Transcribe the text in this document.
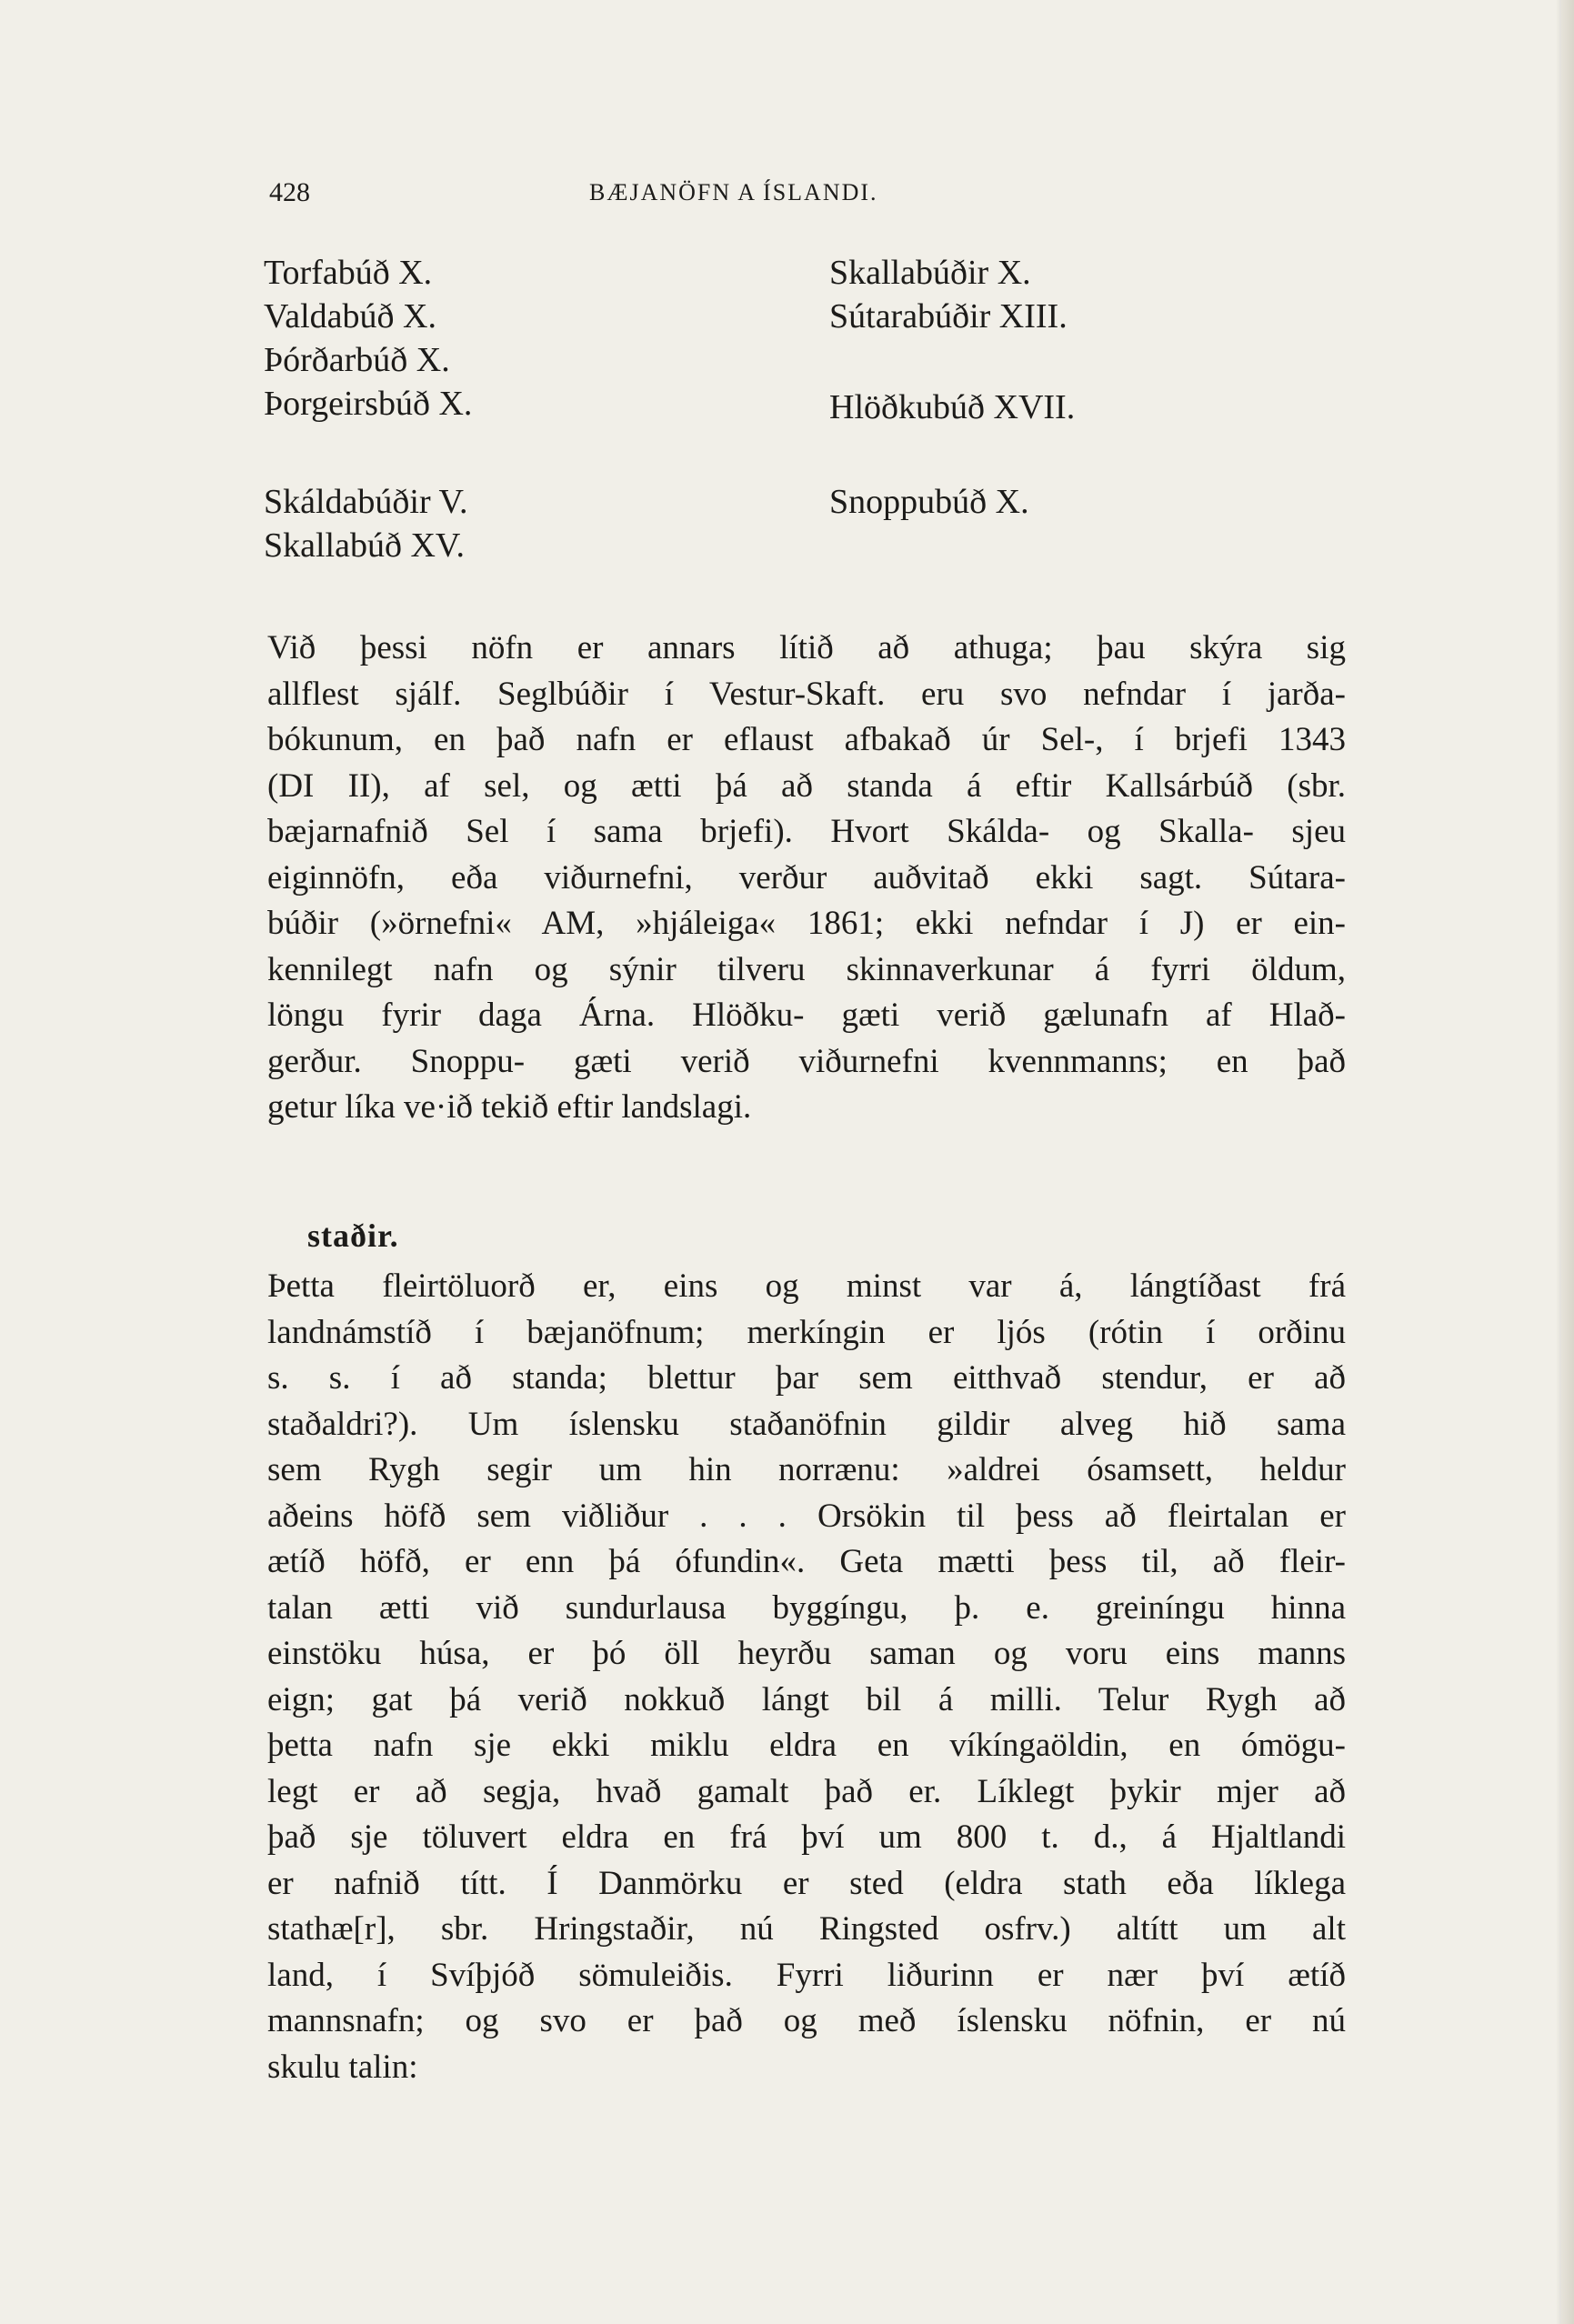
428	BÆJANÖFN A ÍSLANDI.
Torfabúð X.
Valdabúð X.
Þórðarbúð X.
Þorgeirsbúð X.
Skáldabúðir V.
Skallabúð XV.
Skallabúðir X.
Sútarabúðir XIII.
Hlöðkubúð XVII.
Snoppubúð X.
Við þessi nöfn er annars lítið að athuga; þau skýra sig
allflest sjálf. Seglbúðir í Vestur-Skaft. eru svo nefndar í jarða-
bókunum, en það nafn er eflaust afbakað úr Sel-, í brjefi 1343
(DI II), af sel, og ætti þá að standa á eftir Kallsárbúð (sbr.
bæjarnafnið Sel í sama brjefi). Hvort Skálda- og Skalla- sjeu
eiginnöfn, eða viðurnefni, verður auðvitað ekki sagt. Sútara-
búðir (»örnefni« AM, »hjáleiga« 1861; ekki nefndar í J) er ein-
kennilegt nafn og sýnir tilveru skinnaverkunar á fyrri öldum,
löngu fyrir daga Árna. Hlöðku- gæti verið gælunafn af Hlað-
gerður. Snoppu- gæti verið viðurnefni kvennmanns; en það
getur líka ve·ið tekið eftir landslagi.
staðir.
Þetta fleirtöluorð er, eins og minst var á, lángtíðast frá
landnámstíð í bæjanöfnum; merkíngin er ljós (rótin í orðinu
s. s. í að standa; blettur þar sem eitthvað stendur, er að
staðaldri?). Um íslensku staðanöfnin gildir alveg hið sama
sem Rygh segir um hin norrænu: »aldrei ósamsett, heldur
aðeins höfð sem viðliður . . . Orsökin til þess að fleirtalan er
ætíð höfð, er enn þá ófundin«. Geta mætti þess til, að fleir-
talan ætti við sundurlausa byggíngu, þ. e. greiníngu hinna
einstöku húsa, er þó öll heyrðu saman og voru eins manns
eign; gat þá verið nokkuð lángt bil á milli. Telur Rygh að
þetta nafn sje ekki miklu eldra en víkíngaöldin, en ómögu-
legt er að segja, hvað gamalt það er. Líklegt þykir mjer að
það sje töluvert eldra en frá því um 800 t. d., á Hjaltlandi
er nafnið títt. Í Danmörku er sted (eldra stath eða líklega
stathæ[r], sbr. Hringstaðir, nú Ringsted osfrv.) altítt um alt
land, í Svíþjóð sömuleiðis. Fyrri liðurinn er nær því ætíð
mannsnafn; og svo er það og með íslensku nöfnin, er nú
skulu talin:
